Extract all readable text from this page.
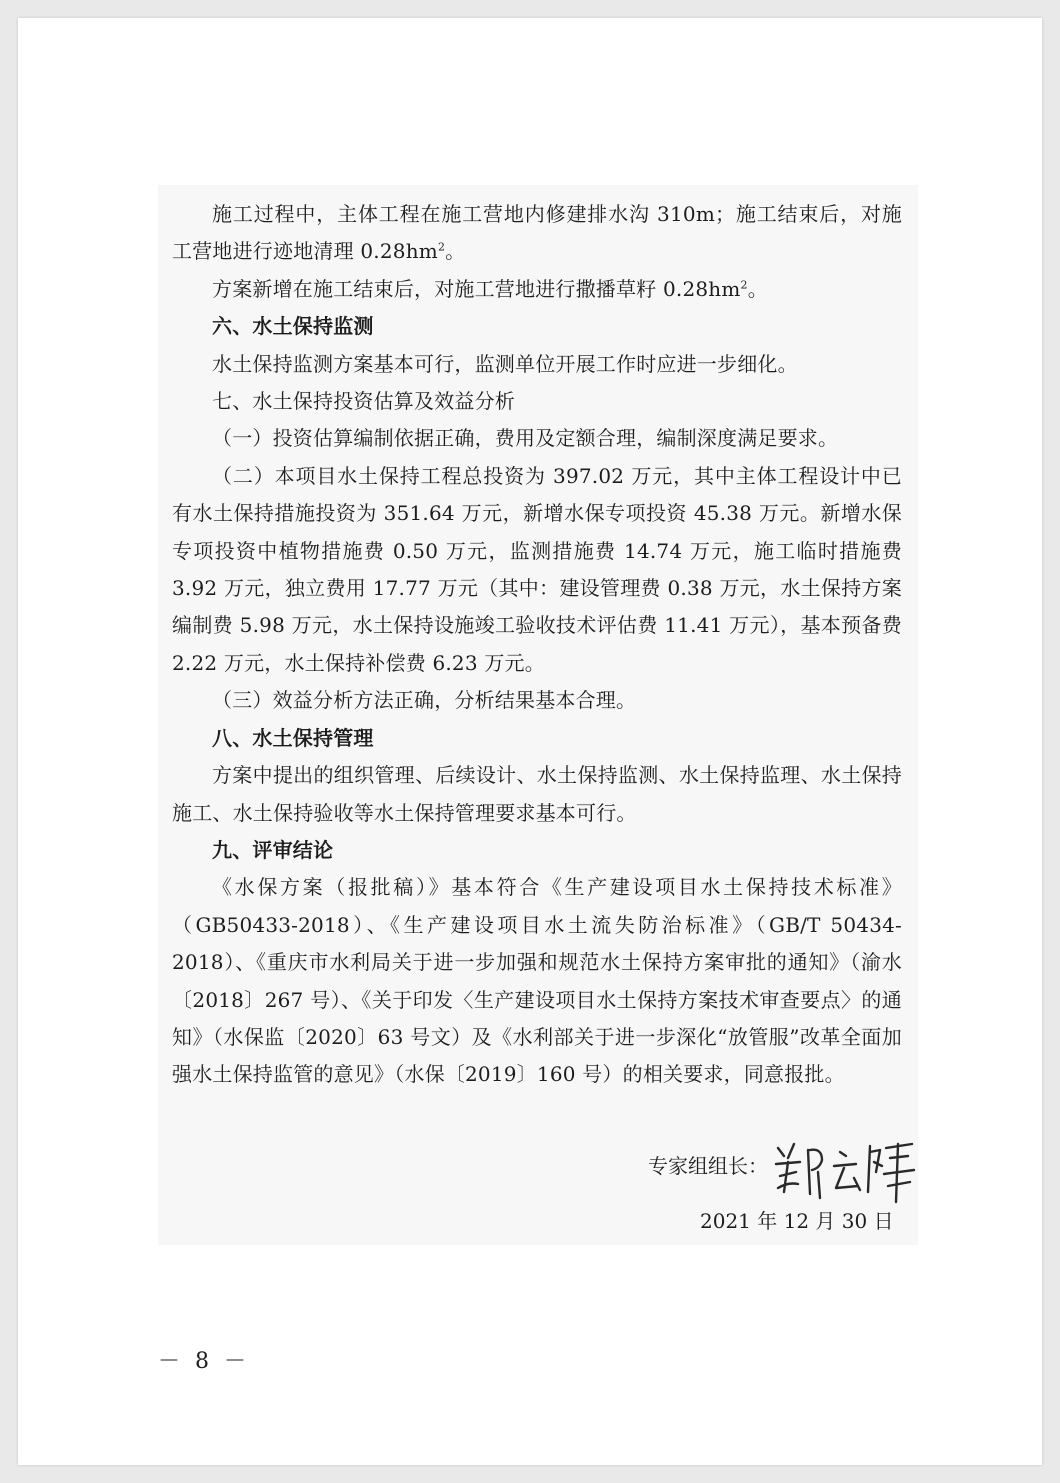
施工过程中，主体工程在施工营地内修建排水沟 310m；施工结束后，对施工营地进行迹地清理 $0.28hm^2$。

方案新增在施工结束后，对施工营地进行撒播草籽 $0.28hm^2$。

六、水土保持监测

水土保持监测方案基本可行，监测单位开展工作时应进一步细化。

七、水土保持投资估算及效益分析

（一）投资估算编制依据正确，费用及定额合理，编制深度满足要求。

（二）本项目水土保持工程总投资为 397.02 万元，其中主体工程设计中已有水土保持措施投资为 351.64 万元，新增水保专项投资 45.38 万元。新增水保专项投资中植物措施费 0.50 万元，监测措施费 14.74 万元，施工临时措施费 3.92 万元，独立费用 17.77 万元（其中：建设管理费 0.38 万元，水土保持方案编制费 5.98 万元，水土保持设施竣工验收技术评估费 11.41 万元），基本预备费 2.22 万元，水土保持补偿费 6.23 万元。

（三）效益分析方法正确，分析结果基本合理。

八、水土保持管理

方案中提出的组织管理、后续设计、水土保持监测、水土保持监理、水土保持施工、水土保持验收等水土保持管理要求基本可行。

九、评审结论

《水保方案（报批稿）》基本符合《生产建设项目水土保持技术标准》（GB50433-2018）、《生产建设项目水土流失防治标准》（GB/T 50434-2018）、《重庆市水利局关于进一步加强和规范水土保持方案审批的通知》（渝水〔2018〕267 号）、《关于印发〈生产建设项目水土保持方案技术审查要点〉的通知》（水保监〔2020〕63 号文）及《水利部关于进一步深化“放管服”改革全面加强水土保持监管的意见》（水保〔2019〕160 号）的相关要求，同意报批。

专家组组长：
2021 年 12 月 30 日
－ 8 －
